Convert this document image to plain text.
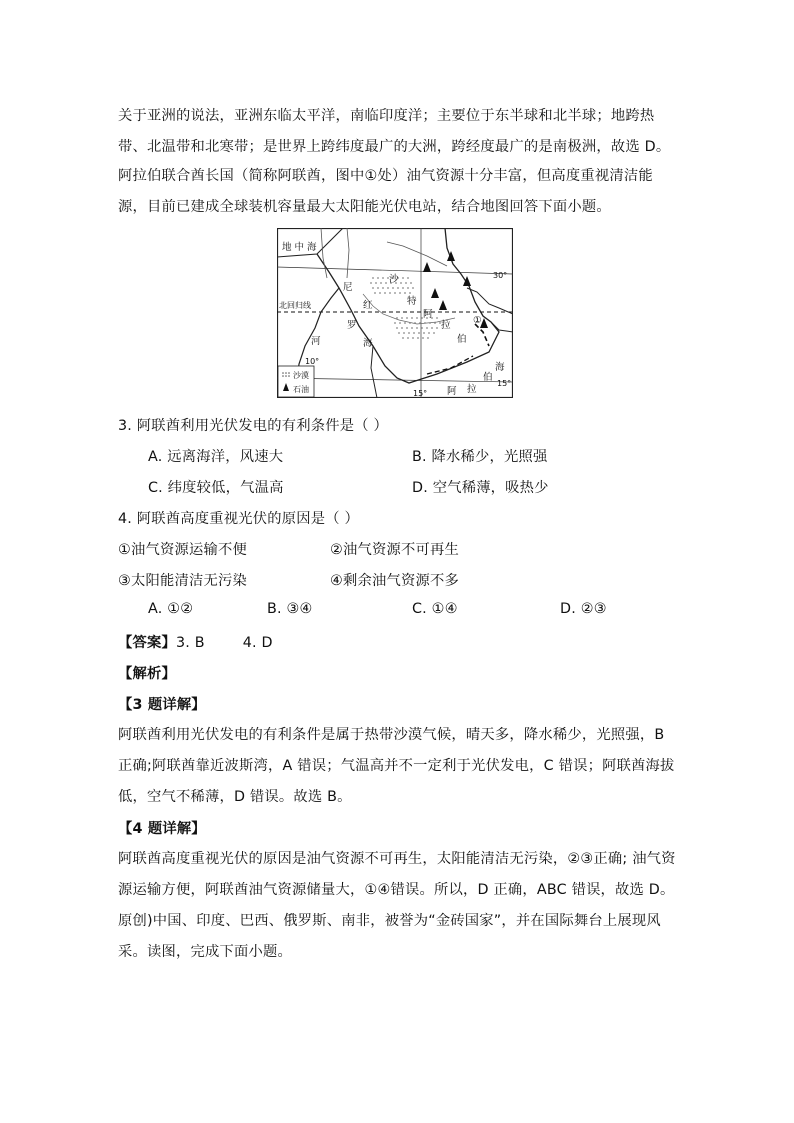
关于亚洲的说法，亚洲东临太平洋，南临印度洋；主要位于东半球和北半球；地跨热带、北温带和北寒带；是世界上跨纬度最广的大洲，跨经度最广的是南极洲，故选 D。

阿拉伯联合酋长国（简称阿联酋，图中①处）油气资源十分丰富，但高度重视清洁能源，目前已建成全球装机容量最大太阳能光伏电站，结合地图回答下面小题。

地 中 海
尼
红
罗
海
河
沙
特
阿
拉
伯
北回归线
30°
15°
10°
15°
①
海
伯
拉
阿
沙漠
石油
3. 阿联酋利用光伏发电的有利条件是（ ）
A. 远离海洋，风速大	B. 降水稀少，光照强
C. 纬度较低，气温高	D. 空气稀薄，吸热少
4. 阿联酋高度重视光伏的原因是（ ）
①油气资源运输不便	②油气资源不可再生
③太阳能清洁无污染	④剩余油气资源不多
A. ①②	B. ③④	C. ①④	D. ②③
【答案】3. B        4. D
【解析】
【3 题详解】

阿联酋利用光伏发电的有利条件是属于热带沙漠气候，晴天多，降水稀少，光照强，B 正确;阿联酋靠近波斯湾，A 错误；气温高并不一定利于光伏发电，C 错误；阿联酋海拔低，空气不稀薄，D 错误。故选 B。

【4 题详解】

阿联酋高度重视光伏的原因是油气资源不可再生，太阳能清洁无污染，②③正确; 油气资源运输方便，阿联酋油气资源储量大，①④错误。所以，D 正确，ABC 错误，故选 D。

原创)中国、印度、巴西、俄罗斯、南非，被誉为“金砖国家”，并在国际舞台上展现风采。读图，完成下面小题。
